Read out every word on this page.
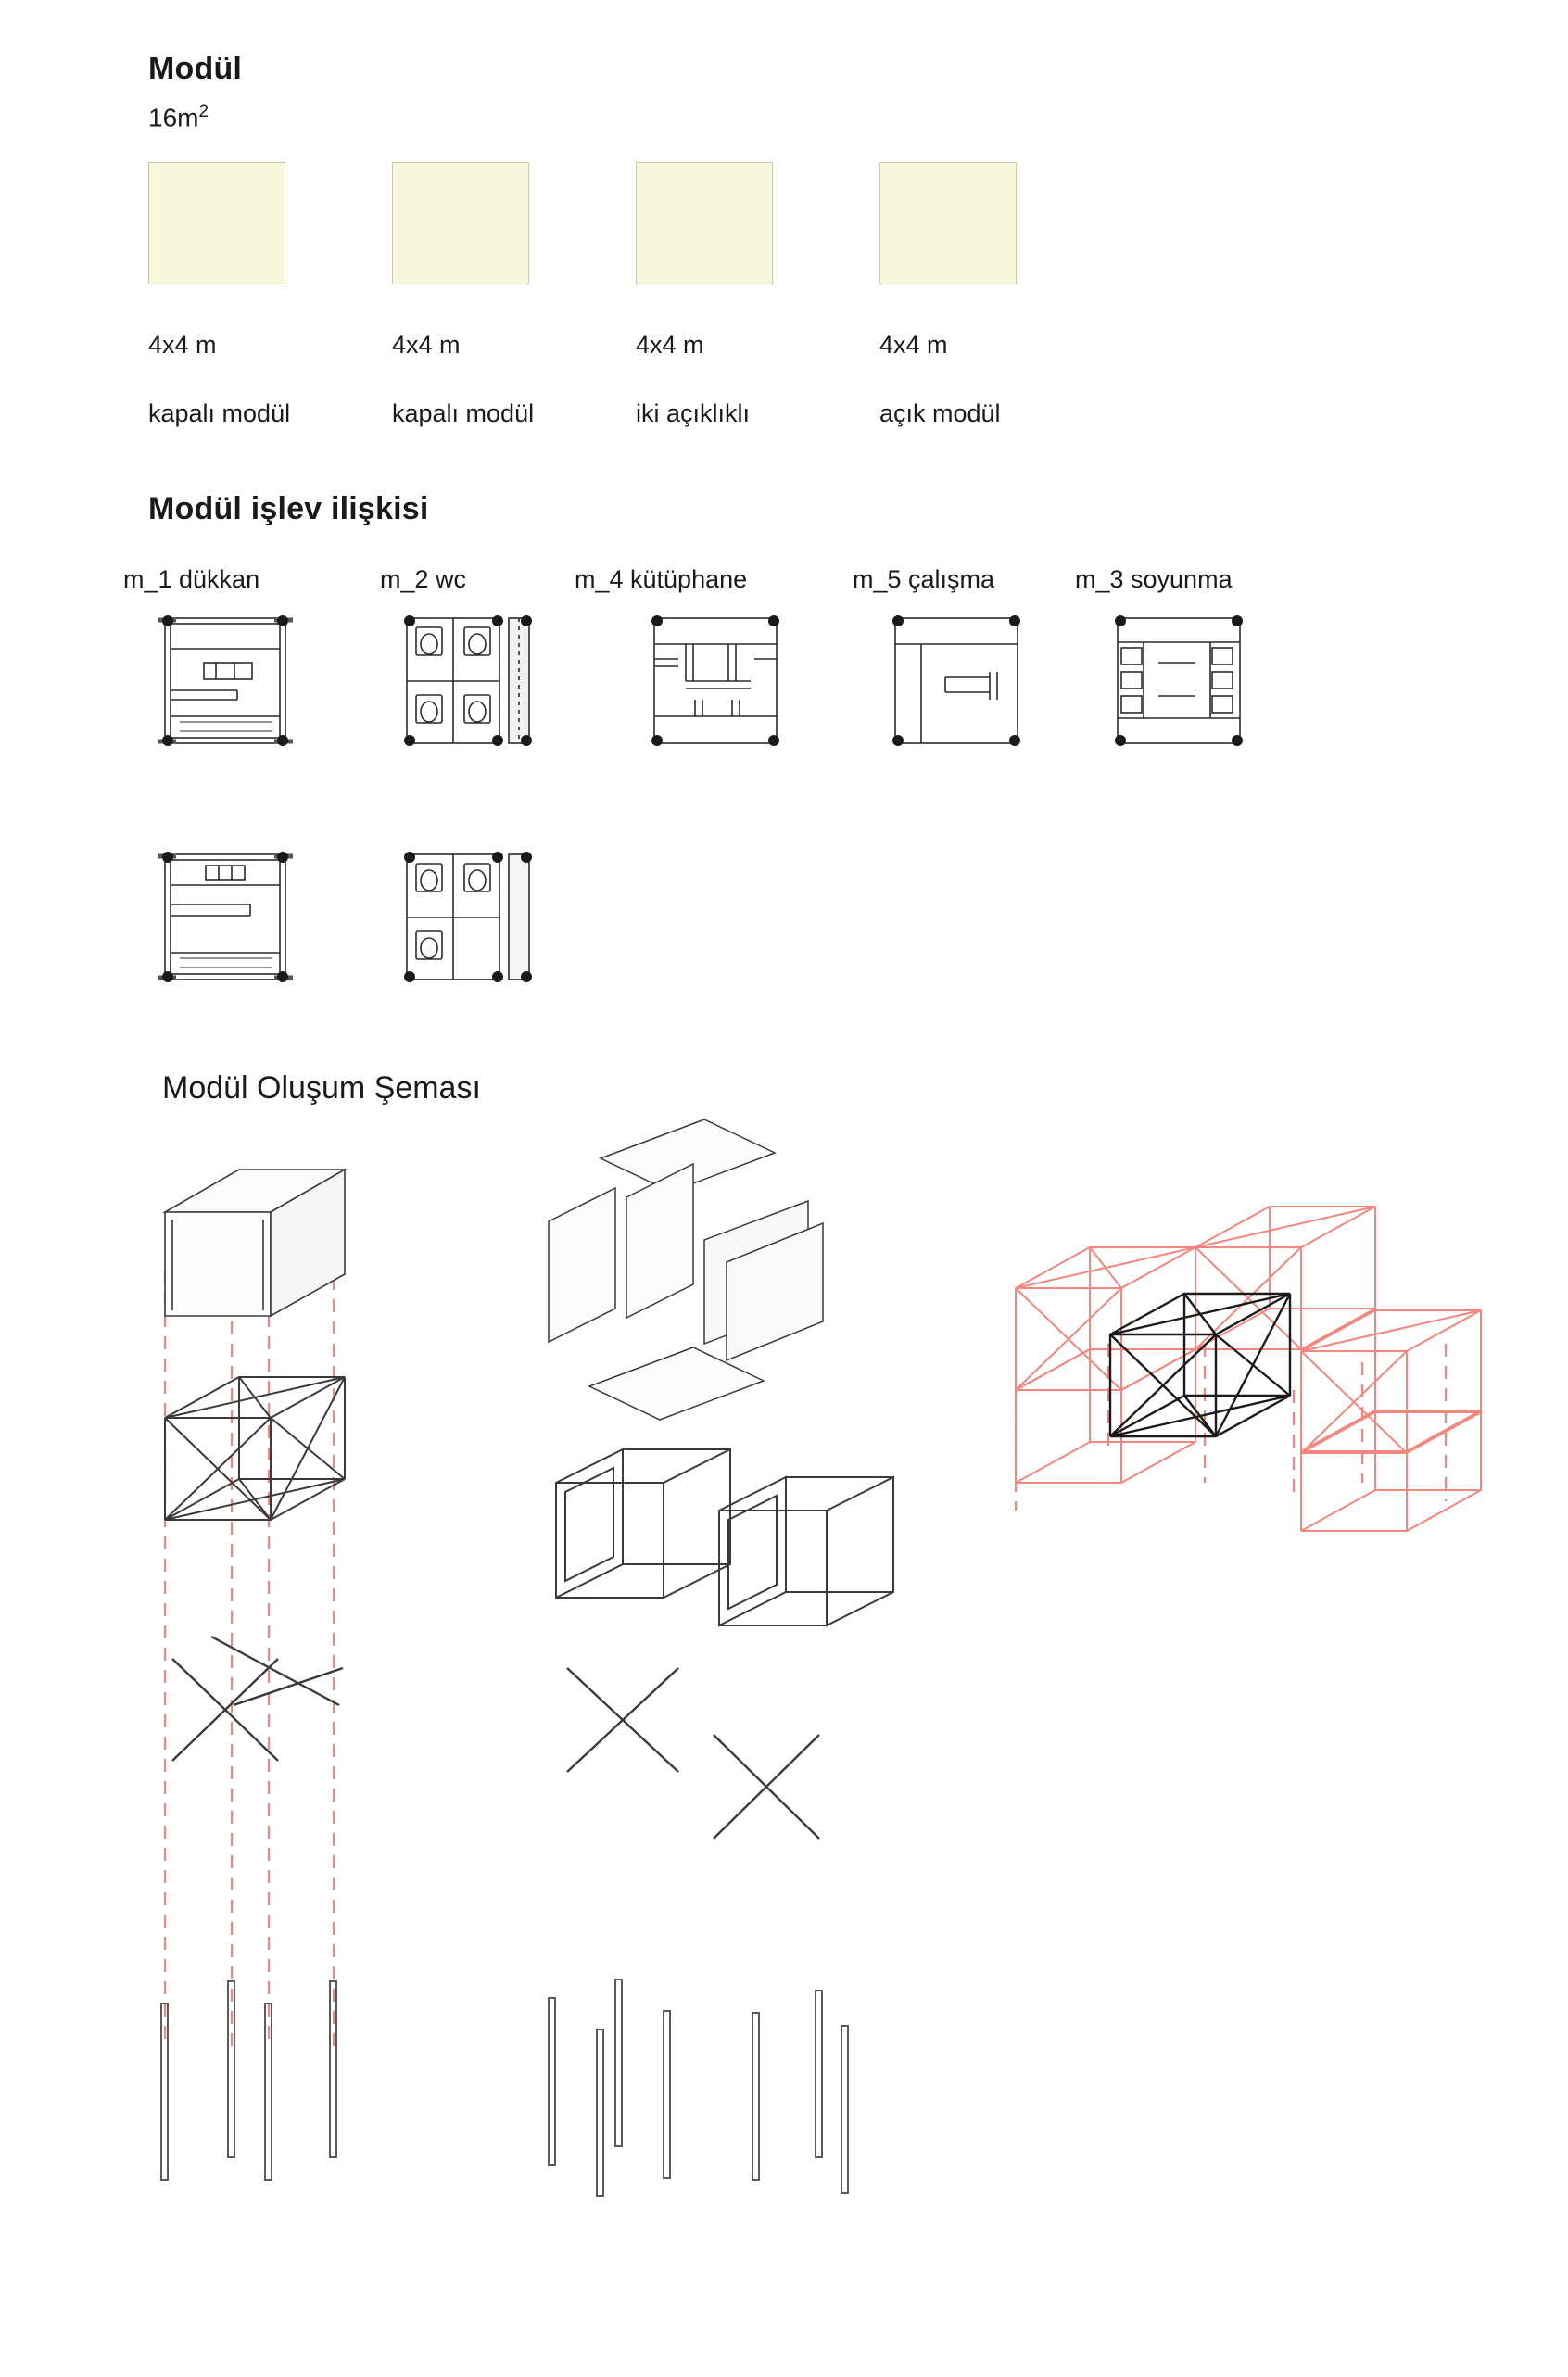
Modül
$16m^2$

4x4 m

kapalı modül

4x4 m

kapalı modül

4x4 m

iki açıklıklı

4x4 m

açık modül

Modül işlev ilişkisi
m_1 dükkan	m_2 wc	m_4 kütüphane	m_5 çalışma	m_3 soyunma
Modül Oluşum Şeması
